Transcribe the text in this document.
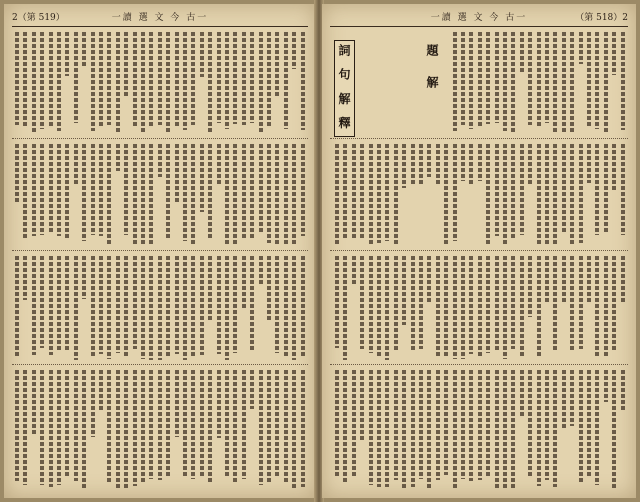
2（第 519）	一讀 選 文 今 古一	一讀 選 文 今 古一	（第 518）2
詞 句 解 釋	題 解
